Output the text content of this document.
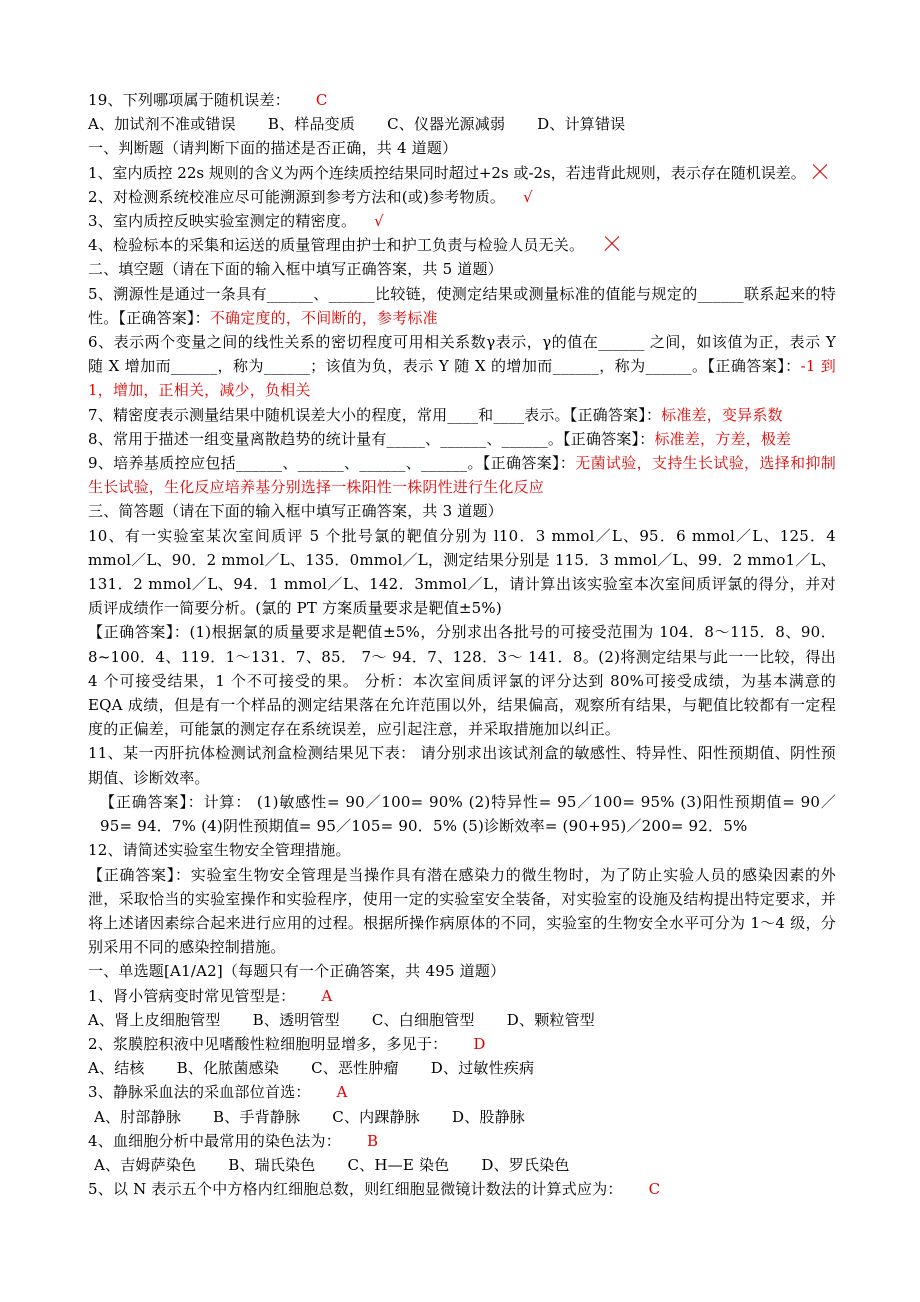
19、下列哪项属于随机误差： C
A、加试剂不准或错误 B、样品变质 C、仪器光源减弱 D、计算错误
一、判断题（请判断下面的描述是否正确，共 4 道题）
1、室内质控 22s 规则的含义为两个连续质控结果同时超过+2s 或-2s，若违背此规则，表示存在随机误差。
2、对检测系统校准应尽可能溯源到参考方法和(或)参考物质。 √
3、室内质控反映实验室测定的精密度。 √
4、检验标本的采集和运送的质量管理由护士和护工负责与检验人员无关。
二、填空题（请在下面的输入框中填写正确答案，共 5 道题）
5、溯源性是通过一条具有______、______比较链，使测定结果或测量标准的值能与规定的______联系起来的特性。【正确答案】：不确定度的，不间断的，参考标准
6、表示两个变量之间的线性关系的密切程度可用相关系数γ表示，γ的值在______ 之间，如该值为正，表示 Y 随 X 增加而______，称为______；该值为负，表示 Y 随 X 的增加而______，称为______。【正确答案】：-1 到 1，增加，正相关，减少，负相关
7、精密度表示测量结果中随机误差大小的程度，常用____和____表示。【正确答案】：标准差，变异系数
8、常用于描述一组变量离散趋势的统计量有_____、______、______。【正确答案】：标准差，方差，极差
9、培养基质控应包括______、______、______、______。【正确答案】：无菌试验，支持生长试验，选择和抑制生长试验，生化反应培养基分别选择一株阳性一株阴性进行生化反应
三、简答题（请在下面的输入框中填写正确答案，共 3 道题）
10、有一实验室某次室间质评 5 个批号氯的靶值分别为 l10．3 mmol／L、95．6 mmol／L、125．4 mmol／L、90．2 mmol／L、135．0mmol／L，测定结果分别是 115．3 mmol／L、99．2 mmo1／L、131．2 mmol／L、94．1 mmol／L、142．3mmol／L，请计算出该实验室本次室间质评氯的得分，并对质评成绩作一简要分析。(氯的 PT 方案质量要求是靶值±5%)
【正确答案】：(1)根据氯的质量要求是靶值±5%，分别求出各批号的可接受范围为 104．8～115．8、90．8~100．4、119．1～131．7、85． 7～ 94．7、128．3～ 141．8。(2)将测定结果与此一一比较，得出 4 个可接受结果，1 个不可接受的果。 分析：本次室间质评氯的评分达到 80%可接受成绩，为基本满意的 EQA 成绩，但是有一个样品的测定结果落在允许范围以外，结果偏高，观察所有结果，与靶值比较都有一定程度的正偏差，可能氯的测定存在系统误差，应引起注意，并采取措施加以纠正。
11、某一丙肝抗体检测试剂盒检测结果见下表： 请分别求出该试剂盒的敏感性、特异性、阳性预期值、阴性预期值、诊断效率。
【正确答案】：计算： (1)敏感性= 90／100= 90% (2)特异性= 95／100= 95% (3)阳性预期值= 90／95= 94．7% (4)阴性预期值= 95／105= 90．5% (5)诊断效率= (90+95)／200= 92．5%
12、请简述实验室生物安全管理措施。
【正确答案】：实验室生物安全管理是当操作具有潜在感染力的微生物时，为了防止实验人员的感染因素的外泄，采取恰当的实验室操作和实验程序，使用一定的实验室安全装备，对实验室的设施及结构提出特定要求，并将上述诸因素综合起来进行应用的过程。根据所操作病原体的不同，实验室的生物安全水平可分为 1～4 级，分别采用不同的感染控制措施。
一、单选题[A1/A2]（每题只有一个正确答案，共 495 道题）
1、肾小管病变时常见管型是： A
A、肾上皮细胞管型 B、透明管型 C、白细胞管型 D、颗粒管型
2、浆膜腔积液中见嗜酸性粒细胞明显增多，多见于： D
A、结核 B、化脓菌感染 C、恶性肿瘤 D、过敏性疾病
3、静脉采血法的采血部位首选： A
A、肘部静脉 B、手背静脉 C、内踝静脉 D、股静脉
4、血细胞分析中最常用的染色法为： B
A、吉姆萨染色 B、瑞氏染色 C、H—E 染色 D、罗氏染色
5、以 N 表示五个中方格内红细胞总数，则红细胞显微镜计数法的计算式应为： C
